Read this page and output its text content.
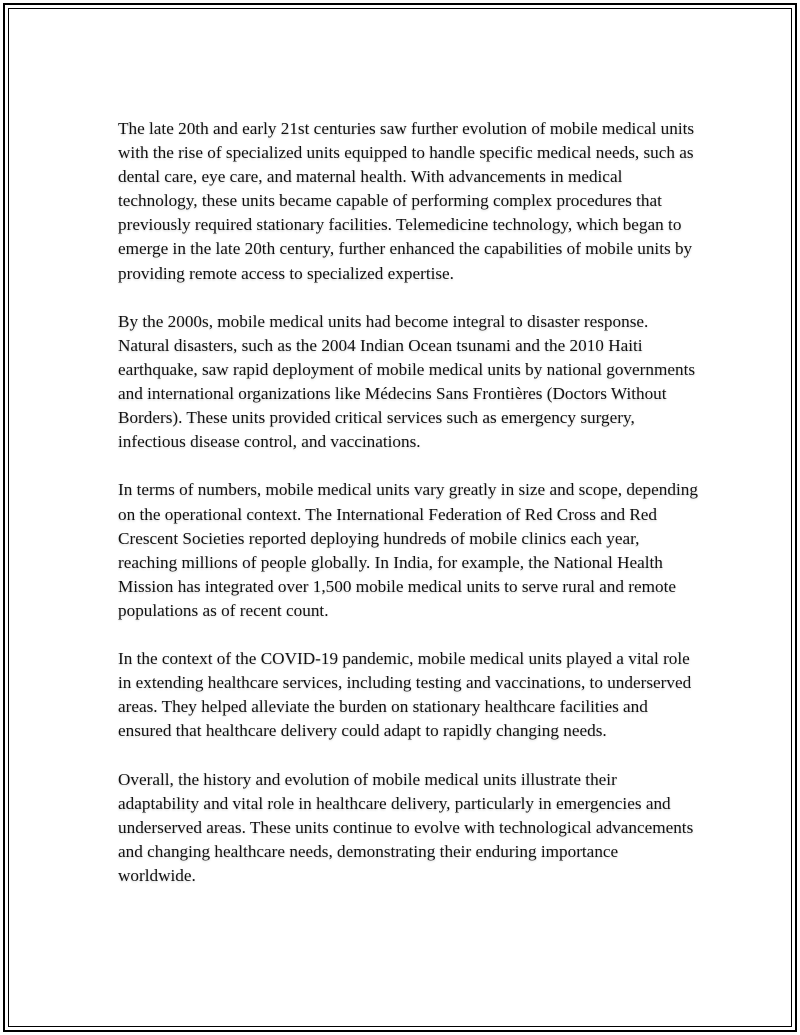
The late 20th and early 21st centuries saw further evolution of mobile medical units with the rise of specialized units equipped to handle specific medical needs, such as dental care, eye care, and maternal health. With advancements in medical technology, these units became capable of performing complex procedures that previously required stationary facilities. Telemedicine technology, which began to emerge in the late 20th century, further enhanced the capabilities of mobile units by providing remote access to specialized expertise.

By the 2000s, mobile medical units had become integral to disaster response. Natural disasters, such as the 2004 Indian Ocean tsunami and the 2010 Haiti earthquake, saw rapid deployment of mobile medical units by national governments and international organizations like Médecins Sans Frontières (Doctors Without Borders). These units provided critical services such as emergency surgery, infectious disease control, and vaccinations.

In terms of numbers, mobile medical units vary greatly in size and scope, depending on the operational context. The International Federation of Red Cross and Red Crescent Societies reported deploying hundreds of mobile clinics each year, reaching millions of people globally. In India, for example, the National Health Mission has integrated over 1,500 mobile medical units to serve rural and remote populations as of recent count.

In the context of the COVID-19 pandemic, mobile medical units played a vital role in extending healthcare services, including testing and vaccinations, to underserved areas. They helped alleviate the burden on stationary healthcare facilities and ensured that healthcare delivery could adapt to rapidly changing needs.

Overall, the history and evolution of mobile medical units illustrate their adaptability and vital role in healthcare delivery, particularly in emergencies and underserved areas. These units continue to evolve with technological advancements and changing healthcare needs, demonstrating their enduring importance worldwide.
